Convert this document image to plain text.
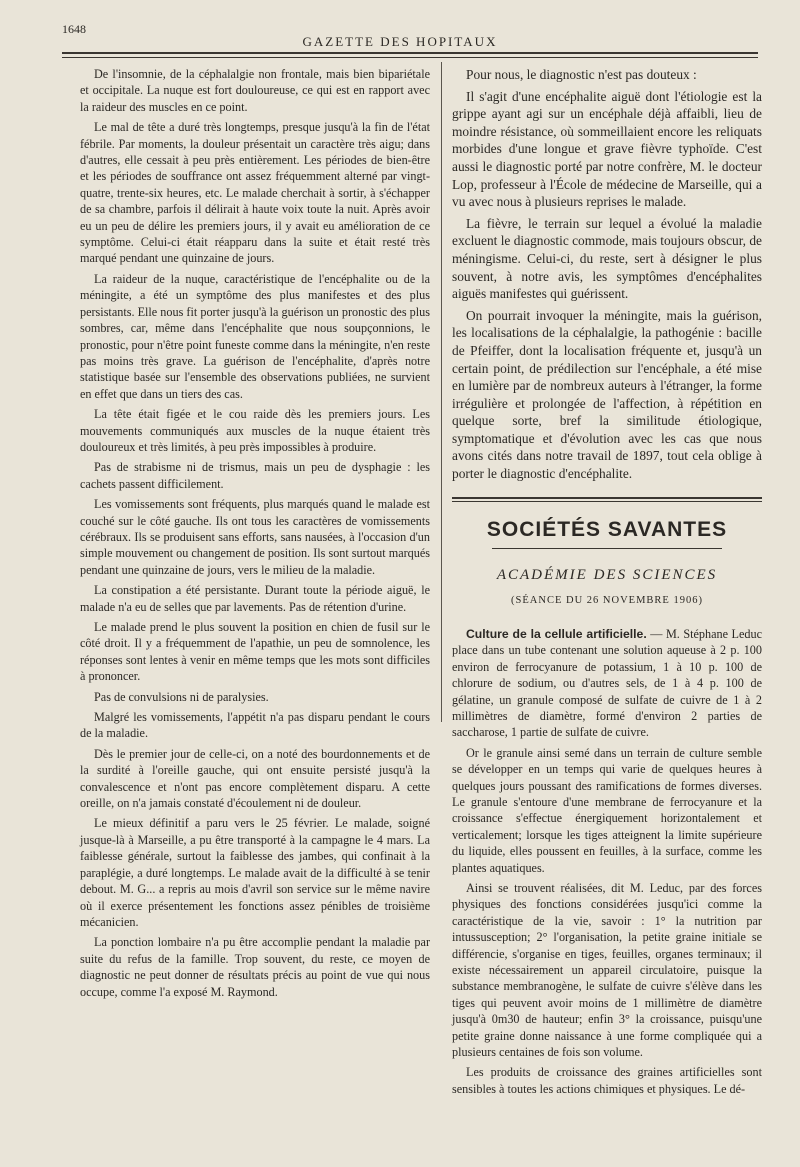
1648
GAZETTE DES HOPITAUX

De l'insomnie, de la céphalalgie non frontale, mais bien bipariétale et occipitale. La nuque est fort douloureuse, ce qui est en rapport avec la raideur des muscles en ce point.

Le mal de tête a duré très longtemps, presque jusqu'à la fin de l'état fébrile. Par moments, la douleur présentait un caractère très aigu; dans d'autres, elle cessait à peu près entièrement. Les périodes de bien-être et les périodes de souffrance ont assez fréquemment alterné par vingt-quatre, trente-six heures, etc. Le malade cherchait à sortir, à s'échapper de sa chambre, parfois il délirait à haute voix toute la nuit. Après avoir eu un peu de délire les premiers jours, il y avait eu amélioration de ce symptôme. Celui-ci était réapparu dans la suite et était resté très marqué pendant une quinzaine de jours.

La raideur de la nuque, caractéristique de l'encéphalite ou de la méningite, a été un symptôme des plus manifestes et des plus persistants. Elle nous fit porter jusqu'à la guérison un pronostic des plus sombres, car, même dans l'encéphalite que nous soupçonnions, le pronostic, pour n'être point funeste comme dans la méningite, n'en reste pas moins très grave. La guérison de l'encéphalite, d'après notre statistique basée sur l'ensemble des observations publiées, ne survient en effet que dans un tiers des cas.

La tête était figée et le cou raide dès les premiers jours. Les mouvements communiqués aux muscles de la nuque étaient très douloureux et très limités, à peu près impossibles à produire.

Pas de strabisme ni de trismus, mais un peu de dysphagie : les cachets passent difficilement.

Les vomissements sont fréquents, plus marqués quand le malade est couché sur le côté gauche. Ils ont tous les caractères de vomissements cérébraux. Ils se produisent sans efforts, sans nausées, à l'occasion d'un simple mouvement ou changement de position. Ils sont surtout marqués pendant une quinzaine de jours, vers le milieu de la maladie.

La constipation a été persistante. Durant toute la période aiguë, le malade n'a eu de selles que par lavements. Pas de rétention d'urine.

Le malade prend le plus souvent la position en chien de fusil sur le côté droit. Il y a fréquemment de l'apathie, un peu de somnolence, les réponses sont lentes à venir en même temps que les mots sont difficiles à prononcer.

Pas de convulsions ni de paralysies.

Malgré les vomissements, l'appétit n'a pas disparu pendant le cours de la maladie.

Dès le premier jour de celle-ci, on a noté des bourdonnements et de la surdité à l'oreille gauche, qui ont ensuite persisté jusqu'à la convalescence et n'ont pas encore complètement disparu. A cette oreille, on n'a jamais constaté d'écoulement ni de douleur.

Le mieux définitif a paru vers le 25 février. Le malade, soigné jusque-là à Marseille, a pu être transporté à la campagne le 4 mars. La faiblesse générale, surtout la faiblesse des jambes, qui confinait à la paraplégie, a duré longtemps. Le malade avait de la difficulté à se tenir debout. M. G... a repris au mois d'avril son service sur le même navire où il exerce présentement les fonctions assez pénibles de troisième mécanicien.

La ponction lombaire n'a pu être accomplie pendant la maladie par suite du refus de la famille. Trop souvent, du reste, ce moyen de diagnostic ne peut donner de résultats précis au point de vue qui nous occupe, comme l'a exposé M. Raymond.

Pour nous, le diagnostic n'est pas douteux :

Il s'agit d'une encéphalite aiguë dont l'étiologie est la grippe ayant agi sur un encéphale déjà affaibli, lieu de moindre résistance, où sommeillaient encore les reliquats morbides d'une longue et grave fièvre typhoïde. C'est aussi le diagnostic porté par notre confrère, M. le docteur Lop, professeur à l'École de médecine de Marseille, qui a vu avec nous à plusieurs reprises le malade.

La fièvre, le terrain sur lequel a évolué la maladie excluent le diagnostic commode, mais toujours obscur, de méningisme. Celui-ci, du reste, sert à désigner le plus souvent, à notre avis, les symptômes d'encéphalites aiguës manifestes qui guérissent.

On pourrait invoquer la méningite, mais la guérison, les localisations de la céphalalgie, la pathogénie : bacille de Pfeiffer, dont la localisation fréquente et, jusqu'à un certain point, de prédilection sur l'encéphale, a été mise en lumière par de nombreux auteurs à l'étranger, la forme irrégulière et prolongée de l'affection, à répétition en quelque sorte, bref la similitude étiologique, symptomatique et d'évolution avec les cas que nous avons cités dans notre travail de 1897, tout cela oblige à porter le diagnostic d'encéphalite.

SOCIÉTÉS SAVANTES
ACADÉMIE DES SCIENCES
(SÉANCE DU 26 NOVEMBRE 1906)

Culture de la cellule artificielle. — M. Stéphane Leduc place dans un tube contenant une solution aqueuse à 2 p. 100 environ de ferrocyanure de potassium, 1 à 10 p. 100 de chlorure de sodium, ou d'autres sels, de 1 à 4 p. 100 de gélatine, un granule composé de sulfate de cuivre de 1 à 2 millimètres de diamètre, formé d'environ 2 parties de saccharose, 1 partie de sulfate de cuivre.

Or le granule ainsi semé dans un terrain de culture semble se développer en un temps qui varie de quelques heures à quelques jours poussant des ramifications de formes diverses. Le granule s'entoure d'une membrane de ferrocyanure et la croissance s'effectue énergiquement horizontalement et verticalement; lorsque les tiges atteignent la limite supérieure du liquide, elles poussent en feuilles, à la surface, comme les plantes aquatiques.

Ainsi se trouvent réalisées, dit M. Leduc, par des forces physiques des fonctions considérées jusqu'ici comme la caractéristique de la vie, savoir : 1° la nutrition par intussusception; 2° l'organisation, la petite graine initiale se différencie, s'organise en tiges, feuilles, organes terminaux; il existe nécessairement un appareil circulatoire, puisque la substance membranogène, le sulfate de cuivre s'élève dans les tiges qui peuvent avoir moins de 1 millimètre de diamètre jusqu'à 0m30 de hauteur; enfin 3° la croissance, puisqu'une petite graine donne naissance à une forme compliquée qui a plusieurs centaines de fois son volume.

Les produits de croissance des graines artificielles sont sensibles à toutes les actions chimiques et physiques. Le dé-
